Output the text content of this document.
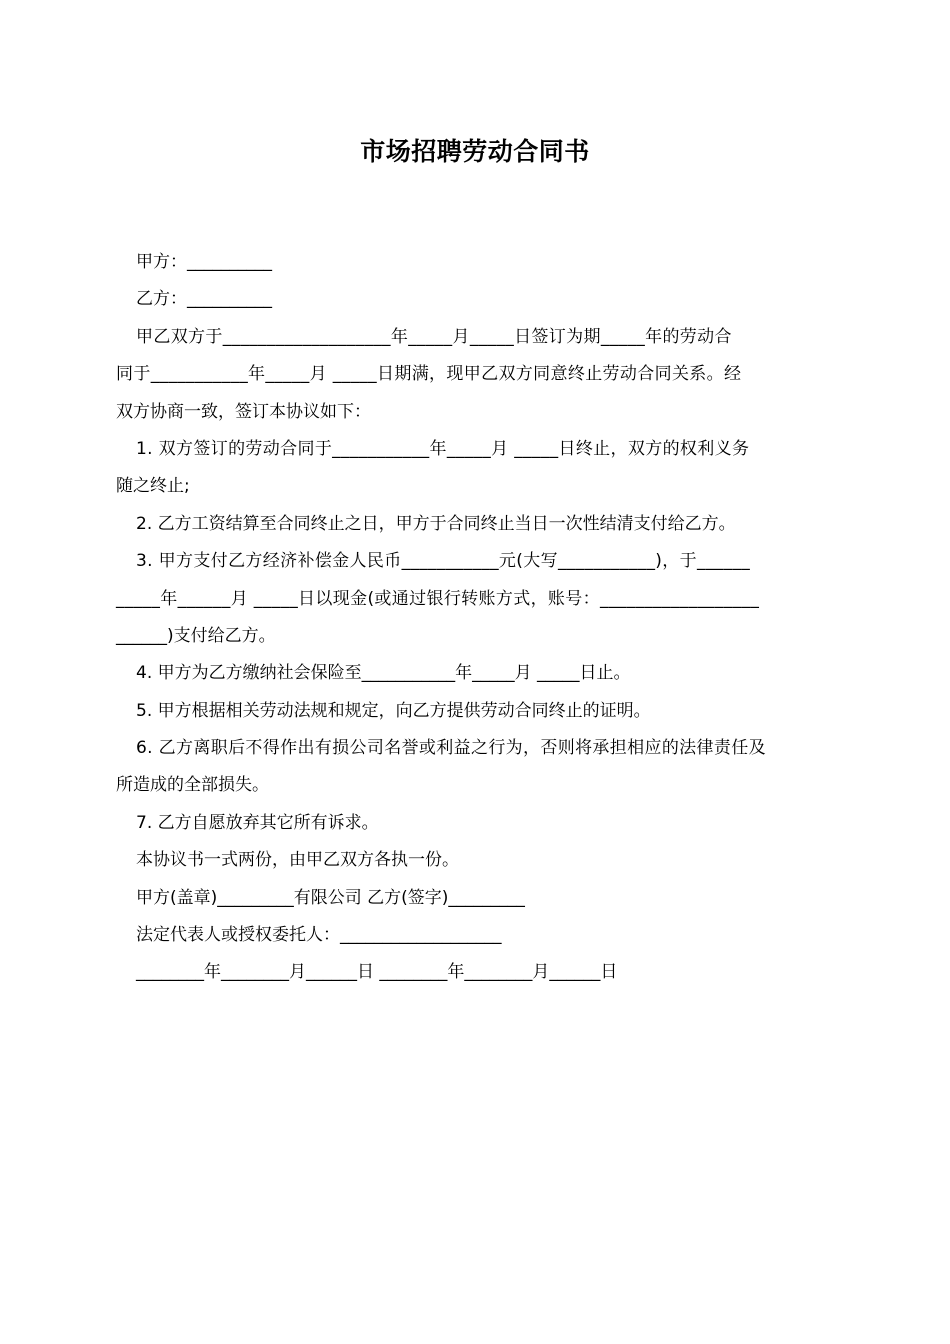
市场招聘劳动合同书
甲方：__________
乙方：__________
甲乙双方于___________________年_____月_____日签订为期_____年的劳动合
同于___________年_____月 _____日期满，现甲乙双方同意终止劳动合同关系。经
双方协商一致，签订本协议如下：
1. 双方签订的劳动合同于___________年_____月 _____日终止，双方的权利义务
随之终止;
2. 乙方工资结算至合同终止之日，甲方于合同终止当日一次性结清支付给乙方。
3. 甲方支付乙方经济补偿金人民币___________元(大写___________)，于______
_____年______月 _____日以现金(或通过银行转账方式，账号：__________________
______)支付给乙方。
4. 甲方为乙方缴纳社会保险至___________年_____月 _____日止。
5. 甲方根据相关劳动法规和规定，向乙方提供劳动合同终止的证明。
6. 乙方离职后不得作出有损公司名誉或利益之行为，否则将承担相应的法律责任及
所造成的全部损失。
7. 乙方自愿放弃其它所有诉求。
本协议书一式两份，由甲乙双方各执一份。
甲方(盖章)_________有限公司 乙方(签字)_________
法定代表人或授权委托人：___________________
________年________月______日 ________年________月______日
